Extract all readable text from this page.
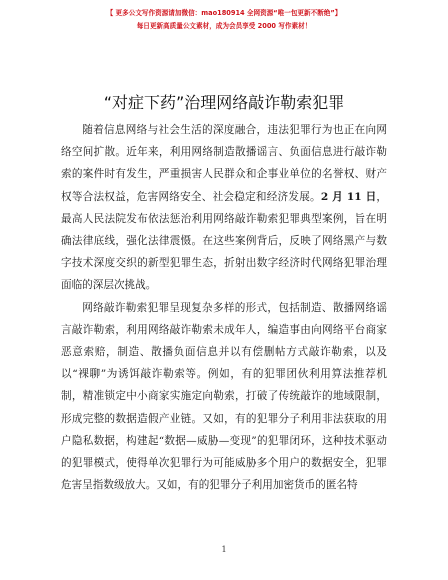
【 更多公文写作资源请加微信：mao180914 全网资源“唯一包更新不断绝”】
每日更新高质量公文素材，成为会员享受 2000 写作素材！
“对症下药”治理网络敲诈勒索犯罪

随着信息网络与社会生活的深度融合，违法犯罪行为也正在向网络空间扩散。近年来，利用网络制造散播谣言、负面信息进行敲诈勒索的案件时有发生，严重损害人民群众和企事业单位的名誉权、财产权等合法权益，危害网络安全、社会稳定和经济发展。2 月 11 日，最高人民法院发布依法惩治利用网络敲诈勒索犯罪典型案例，旨在明确法律底线，强化法律震慑。在这些案例背后，反映了网络黑产与数字技术深度交织的新型犯罪生态，折射出数字经济时代网络犯罪治理面临的深层次挑战。

网络敲诈勒索犯罪呈现复杂多样的形式，包括制造、散播网络谣言敲诈勒索，利用网络敲诈勒索未成年人，编造事由向网络平台商家恶意索赔，制造、散播负面信息并以有偿删帖方式敲诈勒索，以及以“裸聊”为诱饵敲诈勒索等。例如，有的犯罪团伙利用算法推荐机制，精准锁定中小商家实施定向勒索，打破了传统敲诈的地域限制，形成完整的数据造假产业链。又如，有的犯罪分子利用非法获取的用户隐私数据，构建起“数据—威胁—变现”的犯罪闭环，这种技术驱动的犯罪模式，使得单次犯罪行为可能威胁多个用户的数据安全，犯罪危害呈指数级放大。又如，有的犯罪分子利用加密货币的匿名特

1
